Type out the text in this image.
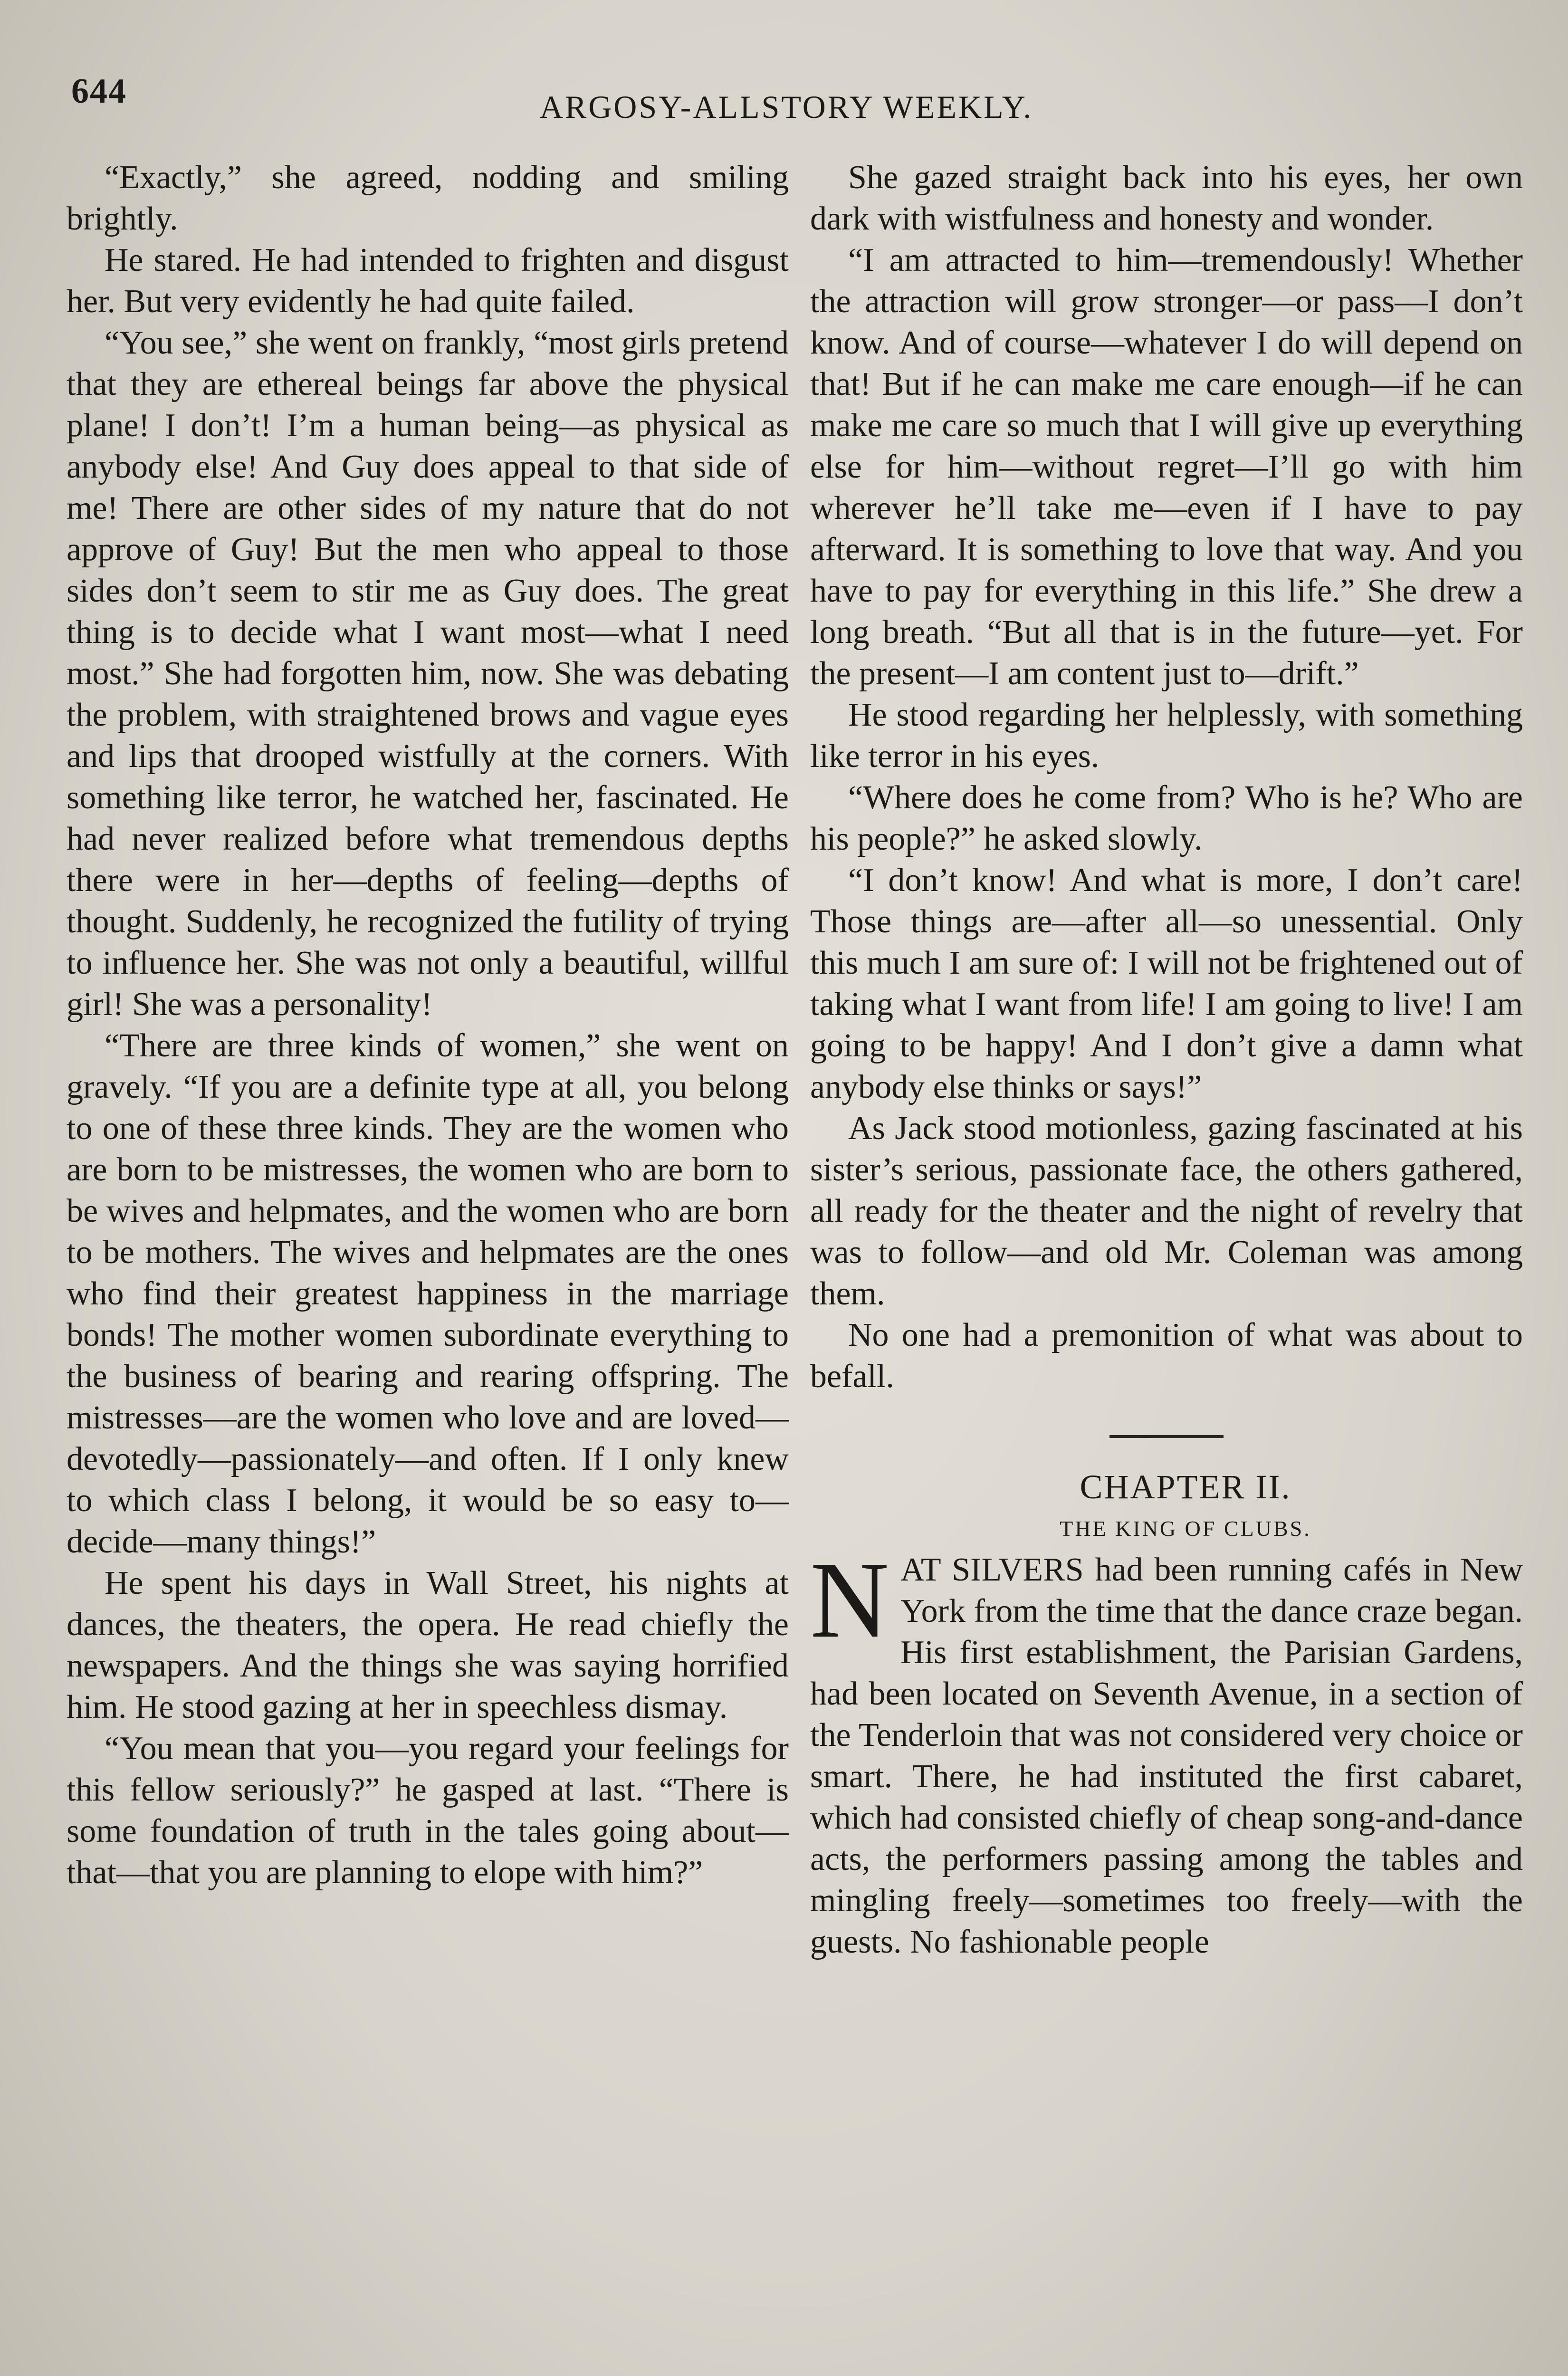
644	ARGOSY-ALLSTORY WEEKLY.

“Exactly,” she agreed, nodding and smiling brightly.

He stared. He had intended to frighten and disgust her. But very evidently he had quite failed.

“You see,” she went on frankly, “most girls pretend that they are ethereal beings far above the physical plane! I don’t! I’m a human being—as physical as anybody else! And Guy does appeal to that side of me! There are other sides of my nature that do not approve of Guy! But the men who appeal to those sides don’t seem to stir me as Guy does. The great thing is to decide what I want most—what I need most.” She had forgotten him, now. She was debating the problem, with straightened brows and vague eyes and lips that drooped wistfully at the corners. With something like terror, he watched her, fascinated. He had never realized before what tremendous depths there were in her—depths of feeling—depths of thought. Suddenly, he recognized the futility of trying to influence her. She was not only a beautiful, willful girl! She was a personality!

“There are three kinds of women,” she went on gravely. “If you are a definite type at all, you belong to one of these three kinds. They are the women who are born to be mistresses, the women who are born to be wives and helpmates, and the women who are born to be mothers. The wives and helpmates are the ones who find their greatest happiness in the marriage bonds! The mother women subordinate everything to the business of bearing and rearing offspring. The mistresses—are the women who love and are loved—devotedly—passionately—and often. If I only knew to which class I belong, it would be so easy to—decide—many things!”

He spent his days in Wall Street, his nights at dances, the theaters, the opera. He read chiefly the newspapers. And the things she was saying horrified him. He stood gazing at her in speechless dismay.

“You mean that you—you regard your feelings for this fellow seriously?” he gasped at last. “There is some foundation of truth in the tales going about—that—that you are planning to elope with him?”

She gazed straight back into his eyes, her own dark with wistfulness and honesty and wonder.

“I am attracted to him—tremendously! Whether the attraction will grow stronger—or pass—I don’t know. And of course—whatever I do will depend on that! But if he can make me care enough—if he can make me care so much that I will give up everything else for him—without regret—I’ll go with him wherever he’ll take me—even if I have to pay afterward. It is something to love that way. And you have to pay for everything in this life.” She drew a long breath. “But all that is in the future—yet. For the present—I am content just to—drift.”

He stood regarding her helplessly, with something like terror in his eyes.

“Where does he come from? Who is he? Who are his people?” he asked slowly.

“I don’t know! And what is more, I don’t care! Those things are—after all—so unessential. Only this much I am sure of: I will not be frightened out of taking what I want from life! I am going to live! I am going to be happy! And I don’t give a damn what anybody else thinks or says!”

As Jack stood motionless, gazing fascinated at his sister’s serious, passionate face, the others gathered, all ready for the theater and the night of revelry that was to follow—and old Mr. Coleman was among them.

No one had a premonition of what was about to befall.

CHAPTER II.

THE KING OF CLUBS.

NAT SILVERS had been running cafés in New York from the time that the dance craze began. His first establishment, the Parisian Gardens, had been located on Seventh Avenue, in a section of the Tenderloin that was not considered very choice or smart. There, he had instituted the first cabaret, which had consisted chiefly of cheap song-and-dance acts, the performers passing among the tables and mingling freely—sometimes too freely—with the guests. No fashionable people
